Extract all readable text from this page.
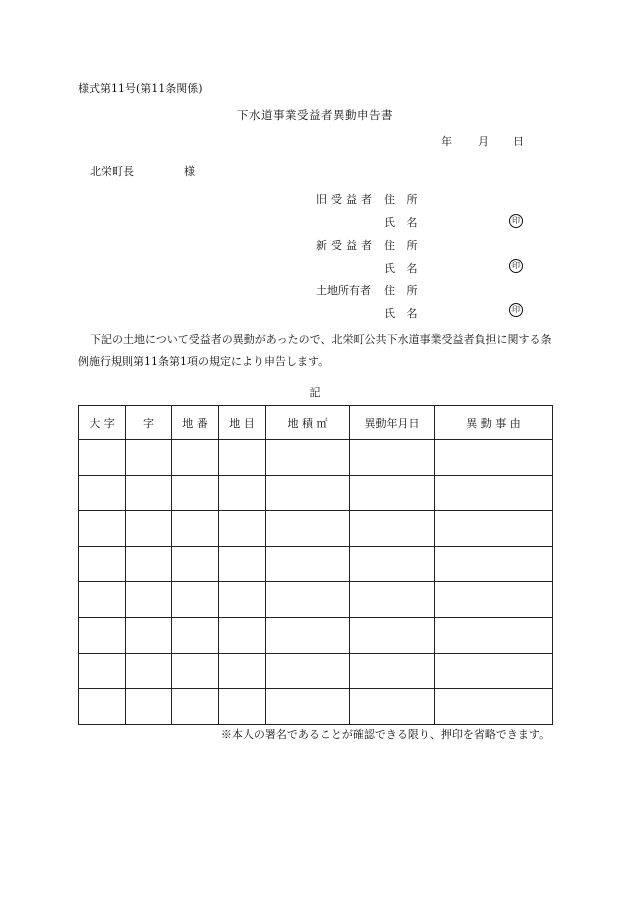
様式第11号(第11条関係)
下水道事業受益者異動申告書
年 月 日
北栄町長	様
旧受益者 住 所
氏 名	印
新受益者 住 所
氏 名	印
土地所有者 住 所
氏 名	印
下記の土地について受益者の異動があったので、北栄町公共下水道事業受益者負担に関する条例施行規則第11条第1項の規定により申告します。
記
大 字	字	地 番	地 目	地 積 ㎡	異動年月日	異 動 事 由

※本人の署名であることが確認できる限り、押印を省略できます。
